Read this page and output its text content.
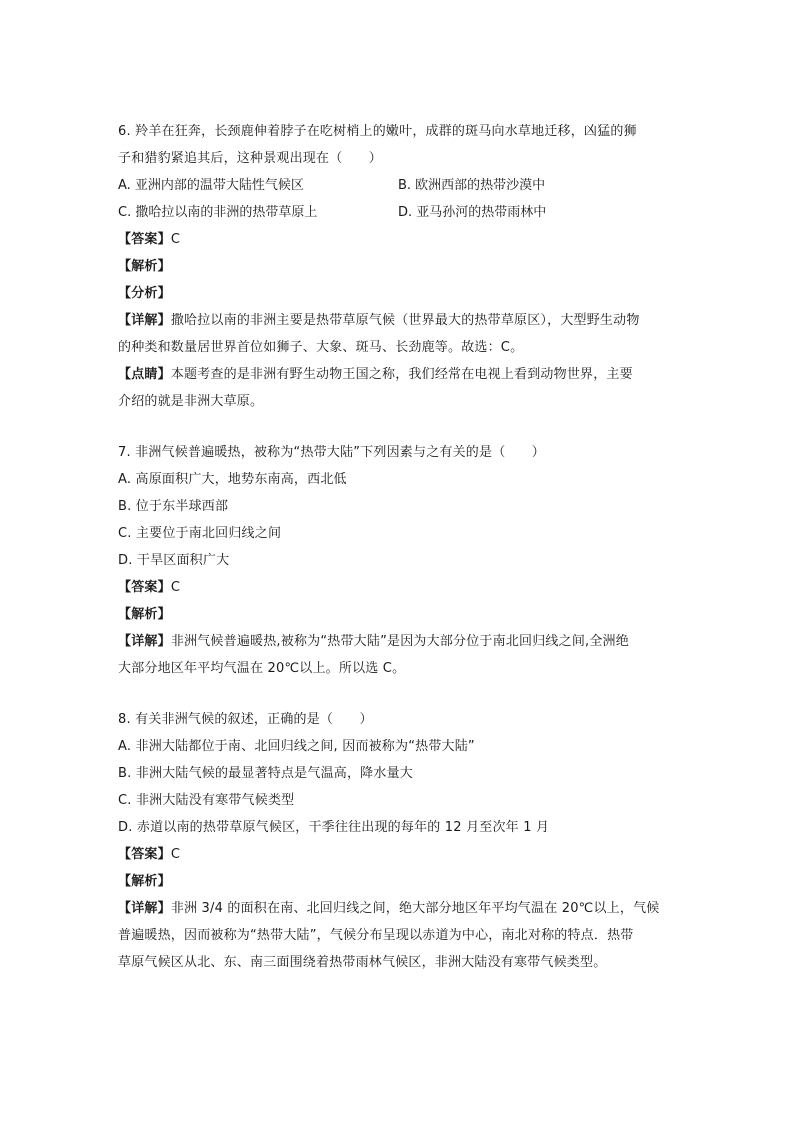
6. 羚羊在狂奔，长颈鹿伸着脖子在吃树梢上的嫩叶，成群的斑马向水草地迁移，凶猛的狮
子和猎豹紧追其后，这种景观出现在（　　）
A. 亚洲内部的温带大陆性气候区	B. 欧洲西部的热带沙漠中
C. 撒哈拉以南的非洲的热带草原上	D. 亚马孙河的热带雨林中
【答案】C
【解析】
【分析】
【详解】撒哈拉以南的非洲主要是热带草原气候（世界最大的热带草原区），大型野生动物
的种类和数量居世界首位如狮子、大象、斑马、长劲鹿等。故选：C。
【点睛】本题考查的是非洲有野生动物王国之称，我们经常在电视上看到动物世界，主要
介绍的就是非洲大草原。
7. 非洲气候普遍暖热，被称为“热带大陆”下列因素与之有关的是（　　）
A. 高原面积广大，地势东南高，西北低
B. 位于东半球西部
C. 主要位于南北回归线之间
D. 干旱区面积广大
【答案】C
【解析】
【详解】非洲气候普遍暖热,被称为“热带大陆”是因为大部分位于南北回归线之间,全洲绝
大部分地区年平均气温在 20℃以上。所以选 C。
8. 有关非洲气候的叙述，正确的是（　　）
A. 非洲大陆都位于南、北回归线之间, 因而被称为“热带大陆”
B. 非洲大陆气候的最显著特点是气温高，降水量大
C. 非洲大陆没有寒带气候类型
D. 赤道以南的热带草原气候区，干季往往出现的每年的 12 月至次年 1 月
【答案】C
【解析】
【详解】非洲 3/4 的面积在南、北回归线之间，绝大部分地区年平均气温在 20℃以上，气候
普遍暖热，因而被称为“热带大陆”，气候分布呈现以赤道为中心，南北对称的特点．热带
草原气候区从北、东、南三面围绕着热带雨林气候区，非洲大陆没有寒带气候类型。
